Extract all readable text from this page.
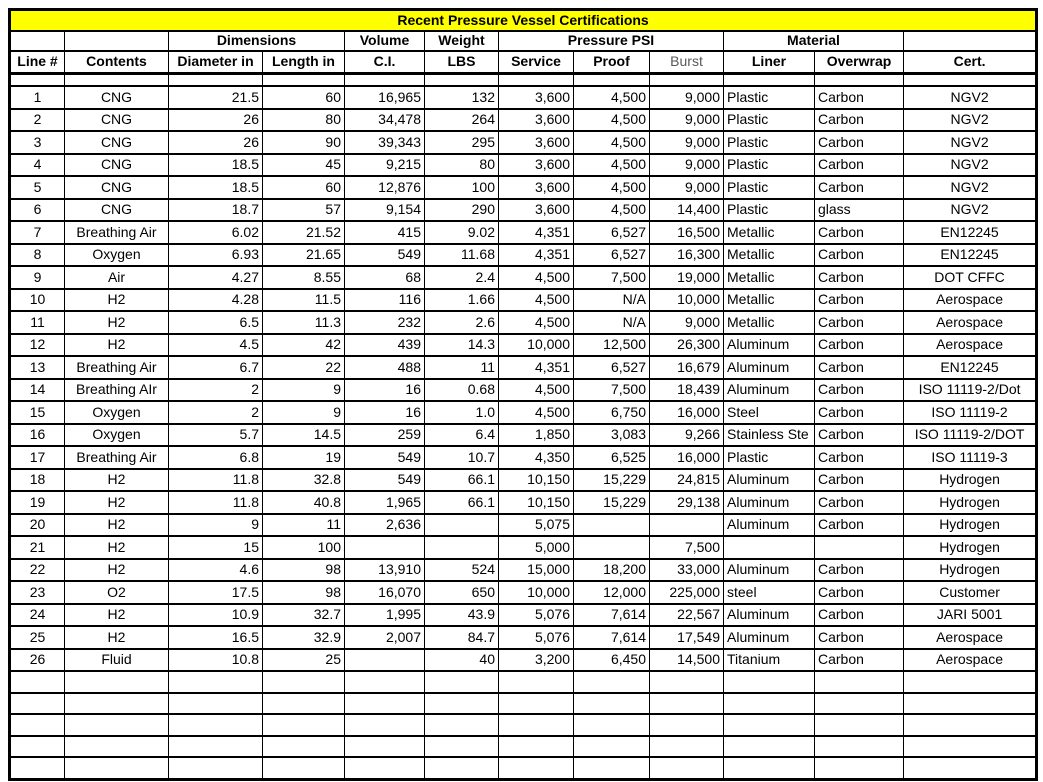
Recent Pressure Vessel Certifications											
		Dimensions		Volume	Weight	Pressure PSI			Material		
Line #	Contents	Diameter in	Length in	C.I.	LBS	Service	Proof	Burst	Liner	Overwrap	Cert.

1	CNG	21.5	60	16,965	132	3,600	4,500	9,000	Plastic	Carbon	NGV2
2	CNG	26	80	34,478	264	3,600	4,500	9,000	Plastic	Carbon	NGV2
3	CNG	26	90	39,343	295	3,600	4,500	9,000	Plastic	Carbon	NGV2
4	CNG	18.5	45	9,215	80	3,600	4,500	9,000	Plastic	Carbon	NGV2
5	CNG	18.5	60	12,876	100	3,600	4,500	9,000	Plastic	Carbon	NGV2
6	CNG	18.7	57	9,154	290	3,600	4,500	14,400	Plastic	glass	NGV2
7	Breathing Air	6.02	21.52	415	9.02	4,351	6,527	16,500	Metallic	Carbon	EN12245
8	Oxygen	6.93	21.65	549	11.68	4,351	6,527	16,300	Metallic	Carbon	EN12245
9	Air	4.27	8.55	68	2.4	4,500	7,500	19,000	Metallic	Carbon	DOT CFFC
10	H2	4.28	11.5	116	1.66	4,500	N/A	10,000	Metallic	Carbon	Aerospace
11	H2	6.5	11.3	232	2.6	4,500	N/A	9,000	Metallic	Carbon	Aerospace
12	H2	4.5	42	439	14.3	10,000	12,500	26,300	Aluminum	Carbon	Aerospace
13	Breathing Air	6.7	22	488	11	4,351	6,527	16,679	Aluminum	Carbon	EN12245
14	Breathing AIr	2	9	16	0.68	4,500	7,500	18,439	Aluminum	Carbon	ISO 11119-2/Dot
15	Oxygen	2	9	16	1.0	4,500	6,750	16,000	Steel	Carbon	ISO 11119-2
16	Oxygen	5.7	14.5	259	6.4	1,850	3,083	9,266	Stainless Ste	Carbon	ISO 11119-2/DOT
17	Breathing Air	6.8	19	549	10.7	4,350	6,525	16,000	Plastic	Carbon	ISO 11119-3
18	H2	11.8	32.8	549	66.1	10,150	15,229	24,815	Aluminum	Carbon	Hydrogen
19	H2	11.8	40.8	1,965	66.1	10,150	15,229	29,138	Aluminum	Carbon	Hydrogen
20	H2	9	11	2,636		5,075			Aluminum	Carbon	Hydrogen
21	H2	15	100			5,000		7,500			Hydrogen
22	H2	4.6	98	13,910	524	15,000	18,200	33,000	Aluminum	Carbon	Hydrogen
23	O2	17.5	98	16,070	650	10,000	12,000	225,000	steel	Carbon	Customer
24	H2	10.9	32.7	1,995	43.9	5,076	7,614	22,567	Aluminum	Carbon	JARI 5001
25	H2	16.5	32.9	2,007	84.7	5,076	7,614	17,549	Aluminum	Carbon	Aerospace
26	Fluid	10.8	25		40	3,200	6,450	14,500	Titanium	Carbon	Aerospace
